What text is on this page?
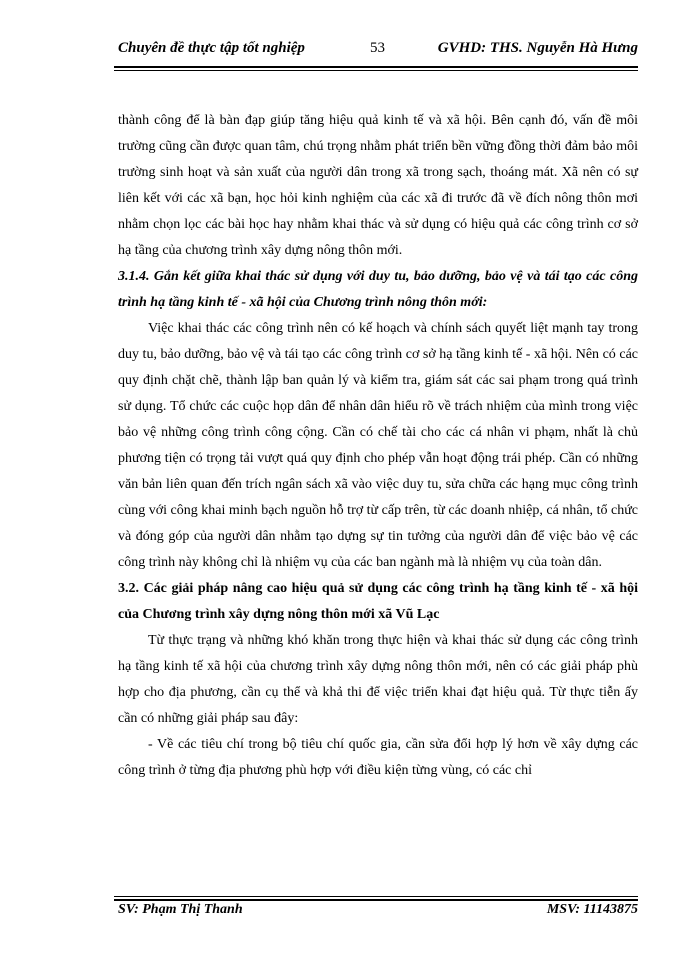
Chuyên đề thực tập tốt nghiệp	53	GVHD: THS. Nguyễn Hà Hưng

thành công để là bàn đạp giúp tăng hiệu quả kinh tế và xã hội. Bên cạnh đó, vấn đề môi trường cũng cần được quan tâm, chú trọng nhằm phát triển bền vững đồng thời đảm bảo môi trường sinh hoạt và sản xuất của người dân trong xã trong sạch, thoáng mát. Xã nên có sự liên kết với các xã bạn, học hỏi kinh nghiệm của các xã đi trước đã về đích nông thôn mơi nhằm chọn lọc các bài học hay nhằm khai thác và sử dụng có hiệu quả các công trình cơ sở hạ tầng của chương trình xây dựng nông thôn mới.

3.1.4. Gắn kết giữa khai thác sử dụng với duy tu, bảo dưỡng, bảo vệ và tái tạo các công trình hạ tầng kinh tế - xã hội của Chương trình nông thôn mới:

Việc khai thác các công trình nên có kế hoạch và chính sách quyết liệt mạnh tay trong duy tu, bảo dưỡng, bảo vệ và tái tạo các công trình cơ sở hạ tầng kinh tế - xã hội. Nên có các quy định chặt chẽ, thành lập ban quản lý và kiểm tra, giám sát các sai phạm trong quá trình sử dụng. Tổ chức các cuộc họp dân để nhân dân hiểu rõ về trách nhiệm của mình trong việc bảo vệ những công trình công cộng. Cần có chế tài cho các cá nhân vi phạm, nhất là chủ phương tiện có trọng tải vượt quá quy định cho phép vẫn hoạt động trái phép. Cần có những văn bản liên quan đến trích ngân sách xã vào việc duy tu, sửa chữa các hạng mục công trình cùng với công khai minh bạch nguồn hỗ trợ từ cấp trên, từ các doanh nhiệp, cá nhân, tổ chức và đóng góp của người dân nhằm tạo dựng sự tin tưởng của người dân để việc bảo vệ các công trình này không chỉ là nhiệm vụ của các ban ngành mà là nhiệm vụ của toàn dân.

3.2. Các giải pháp nâng cao hiệu quả sử dụng các công trình hạ tầng kinh tế - xã hội của Chương trình xây dựng nông thôn mới xã Vũ Lạc

Từ thực trạng và những khó khăn trong thực hiện và khai thác sử dụng các công trình hạ tầng kinh tế xã hội của chương trình xây dựng nông thôn mới, nên có các giải pháp phù hợp cho địa phương, cần cụ thể và khả thi để việc triển khai đạt hiệu quả. Từ thực tiễn ấy cần có những giải pháp sau đây:

- Về các tiêu chí trong bộ tiêu chí quốc gia, cần sửa đổi hợp lý hơn về xây dựng các công trình ở từng địa phương phù hợp với điều kiện từng vùng, có các chỉ

SV: Phạm Thị Thanh	MSV: 11143875
